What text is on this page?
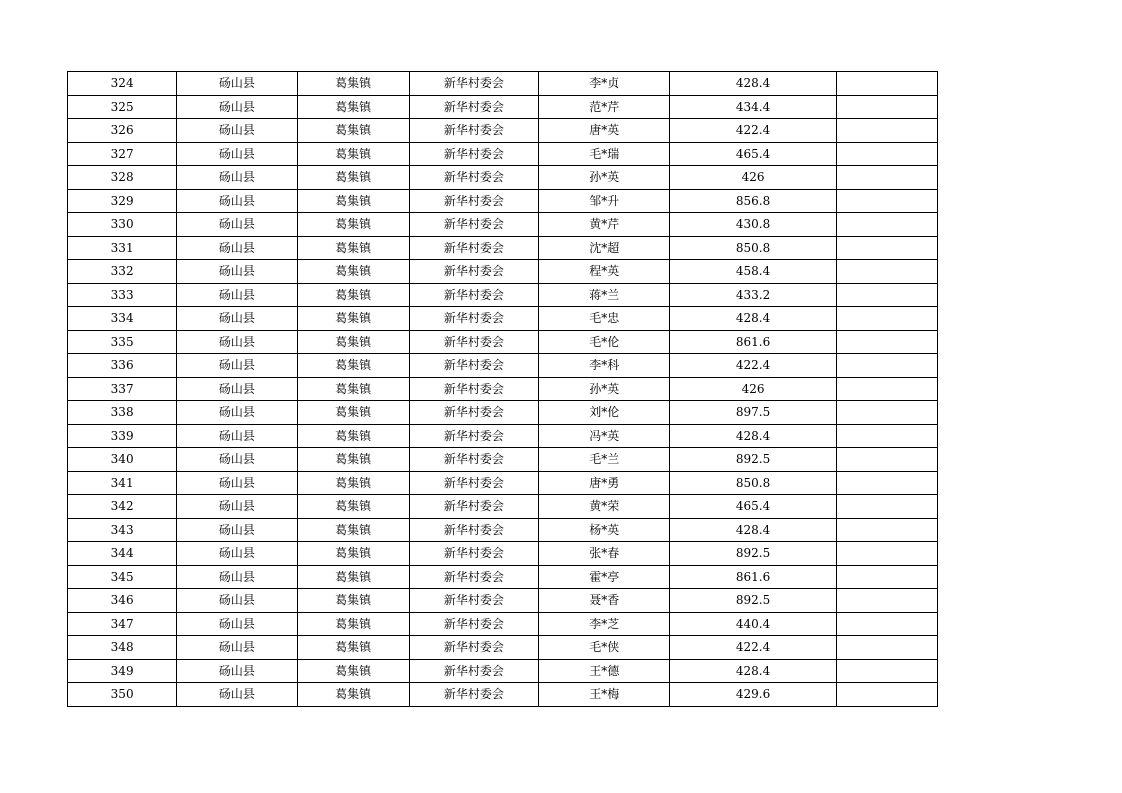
324	砀山县	葛集镇	新华村委会	李*贞	428.4	
325	砀山县	葛集镇	新华村委会	范*芹	434.4	
326	砀山县	葛集镇	新华村委会	唐*英	422.4	
327	砀山县	葛集镇	新华村委会	毛*瑞	465.4	
328	砀山县	葛集镇	新华村委会	孙*英	426	
329	砀山县	葛集镇	新华村委会	邹*升	856.8	
330	砀山县	葛集镇	新华村委会	黄*芹	430.8	
331	砀山县	葛集镇	新华村委会	沈*超	850.8	
332	砀山县	葛集镇	新华村委会	程*英	458.4	
333	砀山县	葛集镇	新华村委会	蒋*兰	433.2	
334	砀山县	葛集镇	新华村委会	毛*忠	428.4	
335	砀山县	葛集镇	新华村委会	毛*伦	861.6	
336	砀山县	葛集镇	新华村委会	李*科	422.4	
337	砀山县	葛集镇	新华村委会	孙*英	426	
338	砀山县	葛集镇	新华村委会	刘*伦	897.5	
339	砀山县	葛集镇	新华村委会	冯*英	428.4	
340	砀山县	葛集镇	新华村委会	毛*兰	892.5	
341	砀山县	葛集镇	新华村委会	唐*勇	850.8	
342	砀山县	葛集镇	新华村委会	黄*荣	465.4	
343	砀山县	葛集镇	新华村委会	杨*英	428.4	
344	砀山县	葛集镇	新华村委会	张*春	892.5	
345	砀山县	葛集镇	新华村委会	霍*亭	861.6	
346	砀山县	葛集镇	新华村委会	聂*香	892.5	
347	砀山县	葛集镇	新华村委会	李*芝	440.4	
348	砀山县	葛集镇	新华村委会	毛*侠	422.4	
349	砀山县	葛集镇	新华村委会	王*德	428.4	
350	砀山县	葛集镇	新华村委会	王*梅	429.6	
